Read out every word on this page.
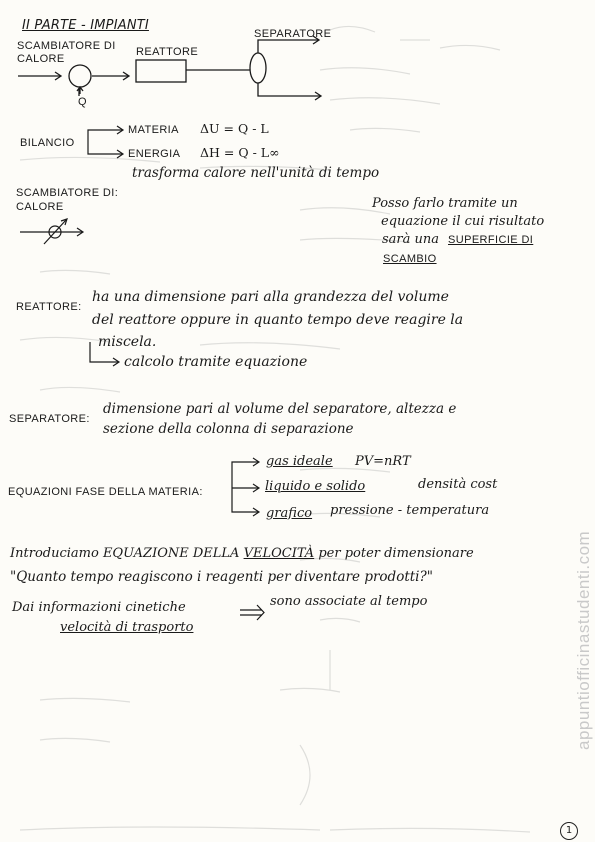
II PARTE - IMPIANTI
SCAMBIATORE DI
CALORE
REATTORE
SEPARATORE
Q
BILANCIO
MATERIA ΔU = Q - L
ENERGIA ΔH = Q - L∞
SCAMBIATORE DI:
CALORE
trasforma calore nell'unità di tempo
Posso farlo tramite un
equazione il cui risultato
sarà una SUPERFICIE DI
SCAMBIO
REATTORE:
ha una dimensione pari alla grandezza del volume
del reattore oppure in quanto tempo deve reagire la
miscela.
calcolo tramite equazione
SEPARATORE:
dimensione pari al volume del separatore, altezza e
sezione della colonna di separazione
EQUAZIONI FASE DELLA MATERIA:
gas ideale PV=nRT
liquido e solido	densità cost
grafico pressione - temperatura
Introduciamo EQUAZIONE DELLA VELOCITÀ per poter dimensionare
"Quanto tempo reagiscono i reagenti per diventare prodotti?"
Dai informazioni cinetiche	sono associate al tempo
velocità di trasporto	appuntiofficinastudenti.com
1
